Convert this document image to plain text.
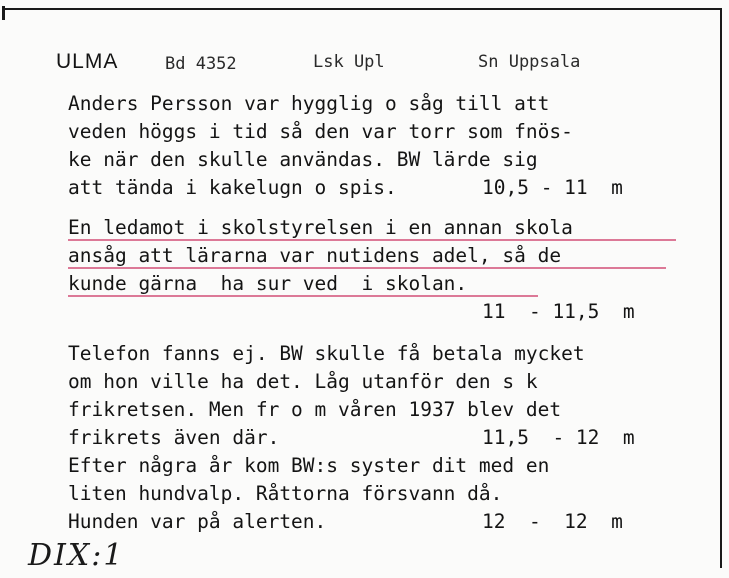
ULMA	Bd 4352	Lsk Upl	Sn Uppsala
Anders Persson var hygglig o såg till att
veden höggs i tid så den var torr som fnös-
ke när den skulle användas. BW lärde sig
att tända i kakelugn o spis.	10,5 - 11  m
En ledamot i skolstyrelsen i en annan skola
ansåg att lärarna var nutidens adel, så de
kunde gärna  ha sur ved  i skolan.
11  - 11,5  m
Telefon fanns ej. BW skulle få betala mycket
om hon ville ha det. Låg utanför den s k
frikretsen. Men fr o m våren 1937 blev det
frikrets även där.	11,5  - 12  m
Efter några år kom BW:s syster dit med en
liten hundvalp. Råttorna försvann då.
Hunden var på alerten.	12  -  12  m
DIX:1
